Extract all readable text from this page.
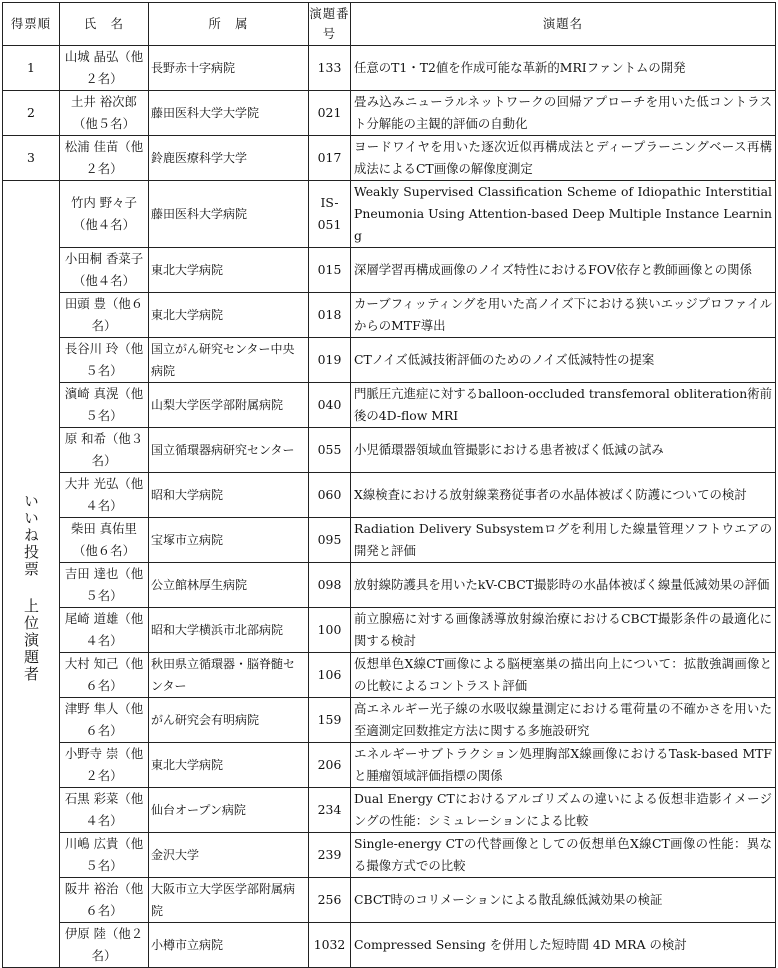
得票順	氏　名	所　属	演題番号	演題名
1	山城 晶弘（他２名）	長野赤十字病院	133	任意のT1・T2値を作成可能な革新的MRIファントムの開発
2	土井 裕次郎（他５名）	藤田医科大学大学院	021	畳み込みニューラルネットワークの回帰アプローチを用いた低コントラスト分解能の主観的評価の自動化
3	松浦 佳苗（他２名）	鈴鹿医療科学大学	017	ヨードワイヤを用いた逐次近似再構成法とディープラーニングベース再構成法によるCT画像の解像度測定
いいね投票 上位演題者	竹内 野々子（他４名）	藤田医科大学病院	IS-051	Weakly Supervised Classification Scheme of Idiopathic Interstitial Pneumonia Using Attention-based Deep Multiple Instance Learning
	小田桐 香菜子（他４名）	東北大学病院	015	深層学習再構成画像のノイズ特性におけるFOV依存と教師画像との関係
	田頭 豊（他６名）	東北大学病院	018	カーブフィッティングを用いた高ノイズ下における狭いエッジプロファイルからのMTF導出
	長谷川 玲（他５名）	国立がん研究センター中央病院	019	CTノイズ低減技術評価のためのノイズ低減特性の提案
	濱崎 真滉（他５名）	山梨大学医学部附属病院	040	門脈圧亢進症に対するballoon-occluded transfemoral obliteration術前後の4D-flow MRI
	原 和希（他３名）	国立循環器病研究センター	055	小児循環器領域血管撮影における患者被ばく低減の試み
	大井 光弘（他４名）	昭和大学病院	060	X線検査における放射線業務従事者の水晶体被ばく防護についての検討
	柴田 真佑里（他６名）	宝塚市立病院	095	Radiation Delivery Subsystemログを利用した線量管理ソフトウエアの開発と評価
	吉田 達也（他５名）	公立館林厚生病院	098	放射線防護具を用いたkV-CBCT撮影時の水晶体被ばく線量低減効果の評価
	尾崎 道雄（他４名）	昭和大学横浜市北部病院	100	前立腺癌に対する画像誘導放射線治療におけるCBCT撮影条件の最適化に関する検討
	大村 知己（他６名）	秋田県立循環器・脳脊髄センター	106	仮想単色X線CT画像による脳梗塞巣の描出向上について：拡散強調画像との比較によるコントラスト評価
	津野 隼人（他６名）	がん研究会有明病院	159	高エネルギー光子線の水吸収線量測定における電荷量の不確かさを用いた至適測定回数推定方法に関する多施設研究
	小野寺 崇（他２名）	東北大学病院	206	エネルギーサブトラクション処理胸部X線画像におけるTask-based MTFと腫瘤領域評価指標の関係
	石黒 彩菜（他４名）	仙台オープン病院	234	Dual Energy CTにおけるアルゴリズムの違いによる仮想非造影イメージングの性能：シミュレーションによる比較
	川嶋 広貴（他５名）	金沢大学	239	Single-energy CTの代替画像としての仮想単色X線CT画像の性能：異なる撮像方式での比較
	阪井 裕治（他６名）	大阪市立大学医学部附属病院	256	CBCT時のコリメーションによる散乱線低減効果の検証
	伊原 陸（他２名）	小樽市立病院	1032	Compressed Sensing を併用した短時間 4D MRA の検討
